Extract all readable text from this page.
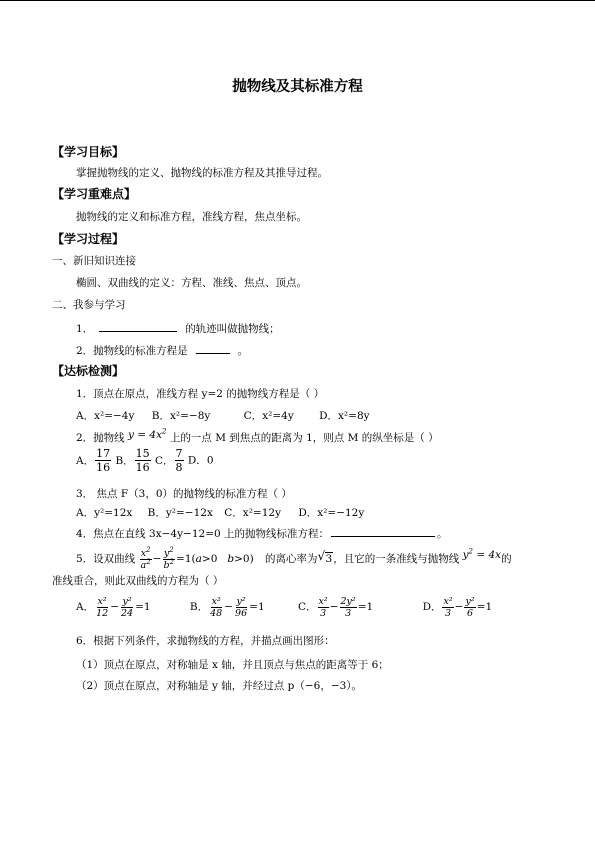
抛物线及其标准方程
【学习目标】
掌握抛物线的定义、抛物线的标准方程及其推导过程。
【学习重难点】
抛物线的定义和标准方程，准线方程，焦点坐标。
【学习过程】
一、新旧知识连接
椭圆、双曲线的定义：方程、准线、焦点、顶点。
二、我参与学习
1．	的轨迹叫做抛物线；
2．抛物线的标准方程是	。
【达标检测】
1．顶点在原点，准线方程 y=2 的抛物线方程是（ ）
A．x²=−4y B．x²=−8y	C．x²=4y D．x²=8y
2．抛物线 $y = 4x^2$ 上的一点 M 到焦点的距离为 1，则点 M 的纵坐标是（ ）
A． $\frac{17}{16}$ B． $\frac{15}{16}$ C． $\frac{7}{8}$ D．0
3． 焦点 F（3，0）的抛物线的标准方程（ ）
A．y²=12x B．y²=−12x C．x²=12y D．x²=−12y
4．焦点在直线 3x−4y−12=0 上的抛物线标准方程：	。
5．设双曲线 $\frac{x^2}{a^2} - \frac{y^2}{b^2} =1(a>0$   b>0) 的离心率为 √ 3，且它的一条准线与抛物线 $y^2 = 4x$的
准线重合，则此双曲线的方程为（ ）
A． $\frac{\text{x²}}{12} - \frac{\text{y²}}{24} =1$	B． $\frac{\text{x²}}{48} - \frac{\text{y²}}{96} =1$	C． $\frac{\text{x²}}{3} - \frac{\text{2y²}}{3} =1$	D． $\frac{\text{x²}}{3} - \frac{\text{y²}}{6} =1$
6．根据下列条件，求抛物线的方程，并描点画出图形：
（1）顶点在原点，对称轴是 x 轴，并且顶点与焦点的距离等于 6；
（2）顶点在原点，对称轴是 y 轴，并经过点 p（−6，−3）。
